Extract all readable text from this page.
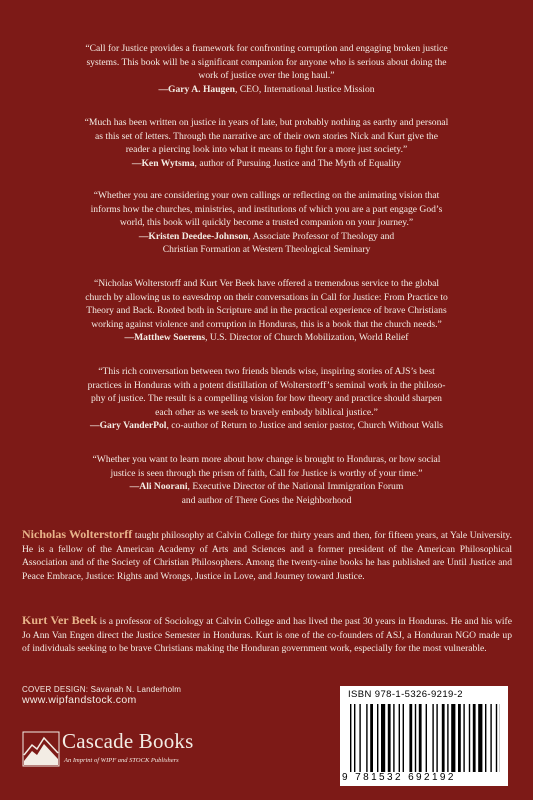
“Call for Justice provides a framework for confronting corruption and engaging broken justice
systems. This book will be a significant companion for anyone who is serious about doing the
work of justice over the long haul.”
—Gary A. Haugen, CEO, International Justice Mission
“Much has been written on justice in years of late, but probably nothing as earthy and personal
as this set of letters. Through the narrative arc of their own stories Nick and Kurt give the
reader a piercing look into what it means to fight for a more just society.”
—Ken Wytsma, author of Pursuing Justice and The Myth of Equality
“Whether you are considering your own callings or reflecting on the animating vision that
informs how the churches, ministries, and institutions of which you are a part engage God’s
world, this book will quickly become a trusted companion on your journey.”
—Kristen Deedee-Johnson, Associate Professor of Theology and
Christian Formation at Western Theological Seminary
“Nicholas Wolterstorff and Kurt Ver Beek have offered a tremendous service to the global
church by allowing us to eavesdrop on their conversations in Call for Justice: From Practice to
Theory and Back. Rooted both in Scripture and in the practical experience of brave Christians
working against violence and corruption in Honduras, this is a book that the church needs.”
—Matthew Soerens, U.S. Director of Church Mobilization, World Relief
“This rich conversation between two friends blends wise, inspiring stories of AJS’s best
practices in Honduras with a potent distillation of Wolterstorff’s seminal work in the philoso-
phy of justice. The result is a compelling vision for how theory and practice should sharpen
each other as we seek to bravely embody biblical justice.”
—Gary VanderPol, co-author of Return to Justice and senior pastor, Church Without Walls
“Whether you want to learn more about how change is brought to Honduras, or how social
justice is seen through the prism of faith, Call for Justice is worthy of your time.”
—Ali Noorani, Executive Director of the National Immigration Forum
and author of There Goes the Neighborhood

Nicholas Wolterstorff taught philosophy at Calvin College for thirty years and then, for fifteen years, at Yale University. He is a fellow of the American Academy of Arts and Sciences and a former president of the American Philosophical Association and of the Society of Christian Philosophers. Among the twenty-nine books he has published are Until Justice and Peace Embrace, Justice: Rights and Wrongs, Justice in Love, and Journey toward Justice.

Kurt Ver Beek is a professor of Sociology at Calvin College and has lived the past 30 years in Honduras. He and his wife Jo Ann Van Engen direct the Justice Semester in Honduras. Kurt is one of the co-founders of ASJ, a Honduran NGO made up of individuals seeking to be brave Christians making the Honduran government work, especially for the most vulnerable.

COVER DESIGN: Savanah N. Landerholm
www.wipfandstock.com
Cascade Books
An Imprint of WIPF and STOCK Publishers
ISBN 978-1-5326-9219-2
9 781532 692192
